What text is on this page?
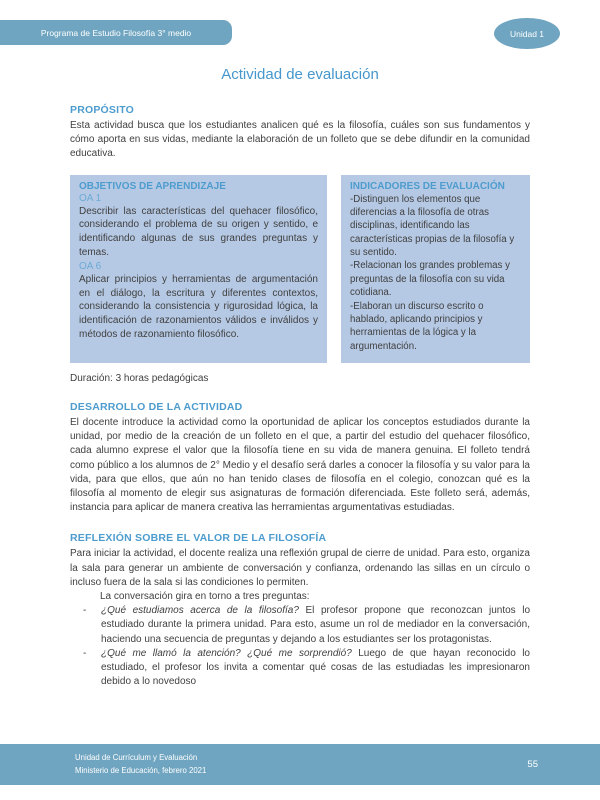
Programa de Estudio Filosofía 3° medio	Unidad 1
Actividad de evaluación
PROPÓSITO

Esta actividad busca que los estudiantes analicen qué es la filosofía, cuáles son sus fundamentos y cómo aporta en sus vidas, mediante la elaboración de un folleto que se debe difundir en la comunidad educativa.

OBJETIVOS DE APRENDIZAJE
OA 1

Describir las características del quehacer filosófico, considerando el problema de su origen y sentido, e identificando algunas de sus grandes preguntas y temas.

OA 6

Aplicar principios y herramientas de argumentación en el diálogo, la escritura y diferentes contextos, considerando la consistencia y rigurosidad lógica, la identificación de razonamientos válidos e inválidos y métodos de razonamiento filosófico.

INDICADORES DE EVALUACIÓN

-Distinguen los elementos que diferencias a la filosofía de otras disciplinas, identificando las características propias de la filosofía y su sentido.

-Relacionan los grandes problemas y preguntas de la filosofía con su vida cotidiana.

-Elaboran un discurso escrito o hablado, aplicando principios y herramientas de la lógica y la argumentación.

Duración: 3 horas pedagógicas
DESARROLLO DE LA ACTIVIDAD

El docente introduce la actividad como la oportunidad de aplicar los conceptos estudiados durante la unidad, por medio de la creación de un folleto en el que, a partir del estudio del quehacer filosófico, cada alumno exprese el valor que la filosofía tiene en su vida de manera genuina. El folleto tendrá como público a los alumnos de 2° Medio y el desafío será darles a conocer la filosofía y su valor para la vida, para que ellos, que aún no han tenido clases de filosofía en el colegio, conozcan qué es la filosofía al momento de elegir sus asignaturas de formación diferenciada. Este folleto será, además, instancia para aplicar de manera creativa las herramientas argumentativas estudiadas.

REFLEXIÓN SOBRE EL VALOR DE LA FILOSOFÍA

Para iniciar la actividad, el docente realiza una reflexión grupal de cierre de unidad. Para esto, organiza la sala para generar un ambiente de conversación y confianza, ordenando las sillas en un círculo o incluso fuera de la sala si las condiciones lo permiten.

La conversación gira en torno a tres preguntas:
-
¿Qué estudiamos acerca de la filosofía? El profesor propone que reconozcan juntos lo estudiado durante la primera unidad. Para esto, asume un rol de mediador en la conversación, haciendo una secuencia de preguntas y dejando a los estudiantes ser los protagonistas.
-
¿Qué me llamó la atención? ¿Qué me sorprendió? Luego de que hayan reconocido lo estudiado, el profesor los invita a comentar qué cosas de las estudiadas les impresionaron debido a lo novedoso
Unidad de Currículum y Evaluación
Ministerio de Educación, febrero 2021	55
